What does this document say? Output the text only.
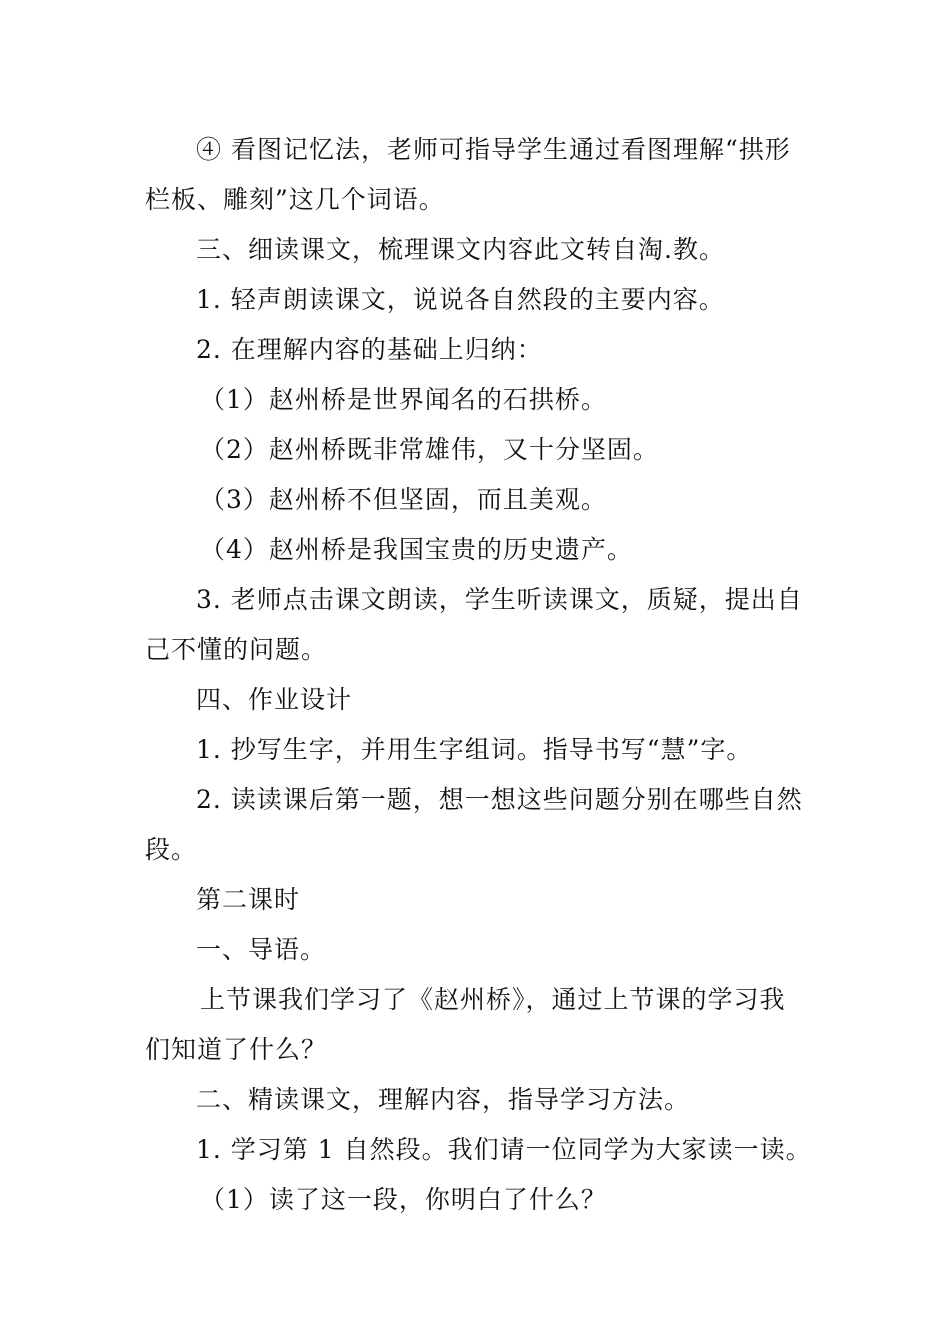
④ 看图记忆法，老师可指导学生通过看图理解“拱形
栏板、雕刻”这几个词语。
三、细读课文，梳理课文内容此文转自淘.教。
1. 轻声朗读课文，说说各自然段的主要内容。
2. 在理解内容的基础上归纳：
（1）赵州桥是世界闻名的石拱桥。
（2）赵州桥既非常雄伟，又十分坚固。
（3）赵州桥不但坚固，而且美观。
（4）赵州桥是我国宝贵的历史遗产。
3. 老师点击课文朗读，学生听读课文，质疑，提出自
己不懂的问题。
四、作业设计
1. 抄写生字，并用生字组词。指导书写“慧”字。
2. 读读课后第一题，想一想这些问题分别在哪些自然
段。
第二课时
一、导语。
上节课我们学习了《赵州桥》，通过上节课的学习我
们知道了什么？
二、精读课文，理解内容，指导学习方法。
1. 学习第 1 自然段。我们请一位同学为大家读一读。
（1）读了这一段，你明白了什么？
